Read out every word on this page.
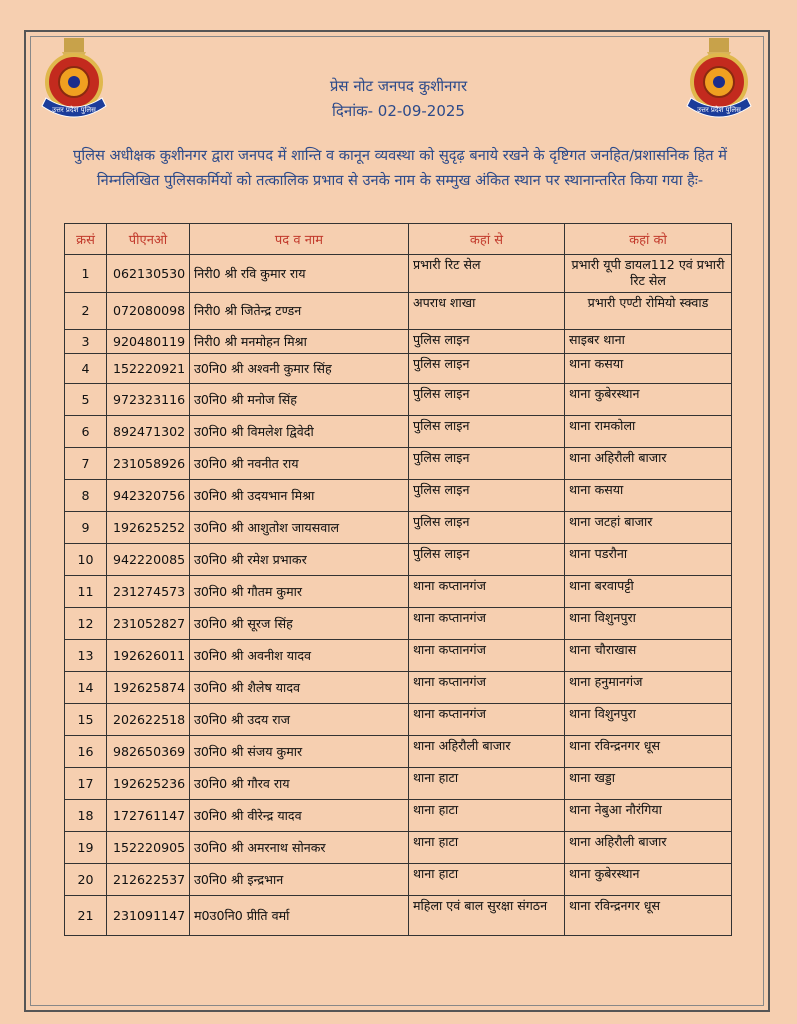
उत्तर प्रदेश पुलिस	उत्तर प्रदेश पुलिस
प्रेस नोट जनपद कुशीनगर
दिनांक- 02-09-2025
पुलिस अधीक्षक कुशीनगर द्वारा जनपद में शान्ति व कानून व्यवस्था को सुदृढ़ बनाये रखने के दृष्टिगत जनहित/प्रशासनिक हित में निम्नलिखित पुलिसकर्मियों को तत्कालिक प्रभाव से उनके नाम के सम्मुख अंकित स्थान पर स्थानान्तरित किया गया हैः-
क्रसं	पीएनओ	पद व नाम	कहां से	कहां को
1	062130530	निरी0 श्री रवि कुमार राय	प्रभारी रिट सेल	प्रभारी यूपी डायल112 एवं प्रभारी रिट सेल
2	072080098	निरी0 श्री जितेन्द्र टण्डन	अपराध शाखा	प्रभारी एण्टी रोमियो स्क्वाड
3	920480119	निरी0 श्री मनमोहन मिश्रा	पुलिस लाइन	साइबर थाना
4	152220921	उ0नि0 श्री अश्वनी कुमार सिंह	पुलिस लाइन	थाना कसया
5	972323116	उ0नि0 श्री मनोज सिंह	पुलिस लाइन	थाना कुबेरस्थान
6	892471302	उ0नि0 श्री विमलेश द्विवेदी	पुलिस लाइन	थाना रामकोला
7	231058926	उ0नि0 श्री नवनीत राय	पुलिस लाइन	थाना अहिरौली बाजार
8	942320756	उ0नि0 श्री उदयभान मिश्रा	पुलिस लाइन	थाना कसया
9	192625252	उ0नि0 श्री आशुतोश जायसवाल	पुलिस लाइन	थाना जटहां बाजार
10	942220085	उ0नि0 श्री रमेश प्रभाकर	पुलिस लाइन	थाना पडरौना
11	231274573	उ0नि0 श्री गौतम कुमार	थाना कप्तानगंज	थाना बरवापट्टी
12	231052827	उ0नि0 श्री सूरज सिंह	थाना कप्तानगंज	थाना विशुनपुरा
13	192626011	उ0नि0 श्री अवनीश यादव	थाना कप्तानगंज	थाना चौराखास
14	192625874	उ0नि0 श्री शैलेष यादव	थाना कप्तानगंज	थाना हनुमानगंज
15	202622518	उ0नि0 श्री उदय राज	थाना कप्तानगंज	थाना विशुनपुरा
16	982650369	उ0नि0 श्री संजय कुमार	थाना अहिरौली बाजार	थाना रविन्द्रनगर धूस
17	192625236	उ0नि0 श्री गौरव राय	थाना हाटा	थाना खड्डा
18	172761147	उ0नि0 श्री वीरेन्द्र यादव	थाना हाटा	थाना नेबुआ नौरंगिया
19	152220905	उ0नि0 श्री अमरनाथ सोनकर	थाना हाटा	थाना अहिरौली बाजार
20	212622537	उ0नि0 श्री इन्द्रभान	थाना हाटा	थाना कुबेरस्थान
21	231091147	म0उ0नि0 प्रीति वर्मा	महिला एवं बाल सुरक्षा संगठन	थाना रविन्द्रनगर धूस
